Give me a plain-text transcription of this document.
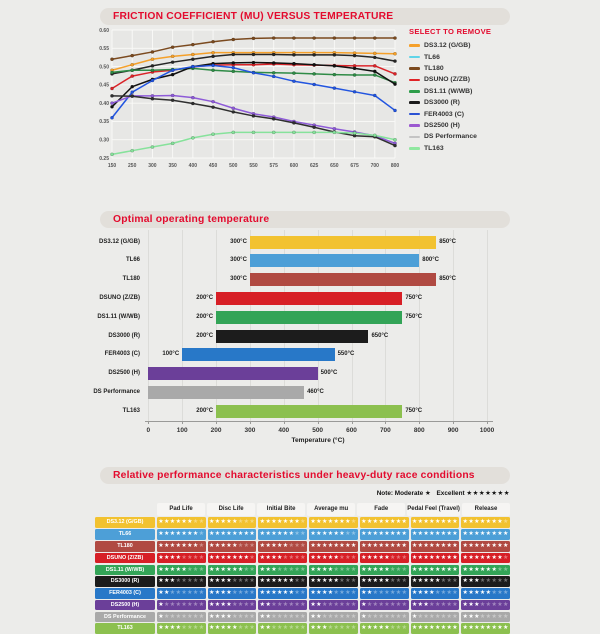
FRICTION COEFFICIENT (MU) VERSUS TEMPERATURE
0.25
0.30
0.35
0.40
0.45
0.50
0.55
0.60
150 250 300 350 400 450 500 550 575 600 625 650 675 700 800
SELECT TO REMOVE
DS3.12 (G/GB)
TL66
TL180
DSUNO (Z/ZB)
DS1.11 (W/WB)
DS3000 (R)
FER4003 (C)
DS2500 (H)
DS Performance
TL163
Optimal operating temperature
Temperature (°C)
0	100	200	300	400	500	600	700	800	900	1000
DS3.12 (G/GB)	300°C	850°C
TL66	300°C	800°C
TL180	300°C	850°C
DSUNO (Z/ZB)	200°C	750°C
DS1.11 (W/WB)	200°C	750°C
DS3000 (R)	200°C	650°C
FER4003 (C)	100°C	550°C
DS2500 (H)	500°C
DS Performance	460°C
TL163	200°C	750°C
Relative performance characteristics under heavy-duty race conditions
Note: Moderate ★   Excellent ★★★★★★★
Pad Life	Disc Life	Initial Bite	Average mu	Fade	Pedal Feel (Travel)	Release
DS3.12 (G/GB)	★★★★★★★★ ★★★★★★★★ ★★★★★★★★ ★★★★★★★★ ★★★★★★★★ ★★★★★★★★ ★★★★★★★★
TL66	★★★★★★★★ ★★★★★★★★ ★★★★★★★★ ★★★★★★★★ ★★★★★★★★ ★★★★★★★★ ★★★★★★★★
TL180	★★★★★★★★ ★★★★★★★★ ★★★★★★★★ ★★★★★★★★ ★★★★★★★★ ★★★★★★★★ ★★★★★★★★
DSUNO (Z/ZB)	★★★★★★★★ ★★★★★★★★ ★★★★★★★★ ★★★★★★★★ ★★★★★★★★ ★★★★★★★★ ★★★★★★★★
DS1.11 (W/WB)	★★★★★★★★ ★★★★★★★★ ★★★★★★★★ ★★★★★★★★ ★★★★★★★★ ★★★★★★★★ ★★★★★★★★
DS3000 (R)	★★★★★★★★ ★★★★★★★★ ★★★★★★★★ ★★★★★★★★ ★★★★★★★★ ★★★★★★★★ ★★★★★★★★
FER4003 (C)	★★★★★★★★ ★★★★★★★★ ★★★★★★★★ ★★★★★★★★ ★★★★★★★★ ★★★★★★★★ ★★★★★★★★
DS2500 (H)	★★★★★★★★ ★★★★★★★★ ★★★★★★★★ ★★★★★★★★ ★★★★★★★★ ★★★★★★★★ ★★★★★★★★
DS Performance	★★★★★★★★ ★★★★★★★★ ★★★★★★★★ ★★★★★★★★ ★★★★★★★★ ★★★★★★★★ ★★★★★★★★
TL163	★★★★★★★★ ★★★★★★★★ ★★★★★★★★ ★★★★★★★★ ★★★★★★★★ ★★★★★★★★ ★★★★★★★★
